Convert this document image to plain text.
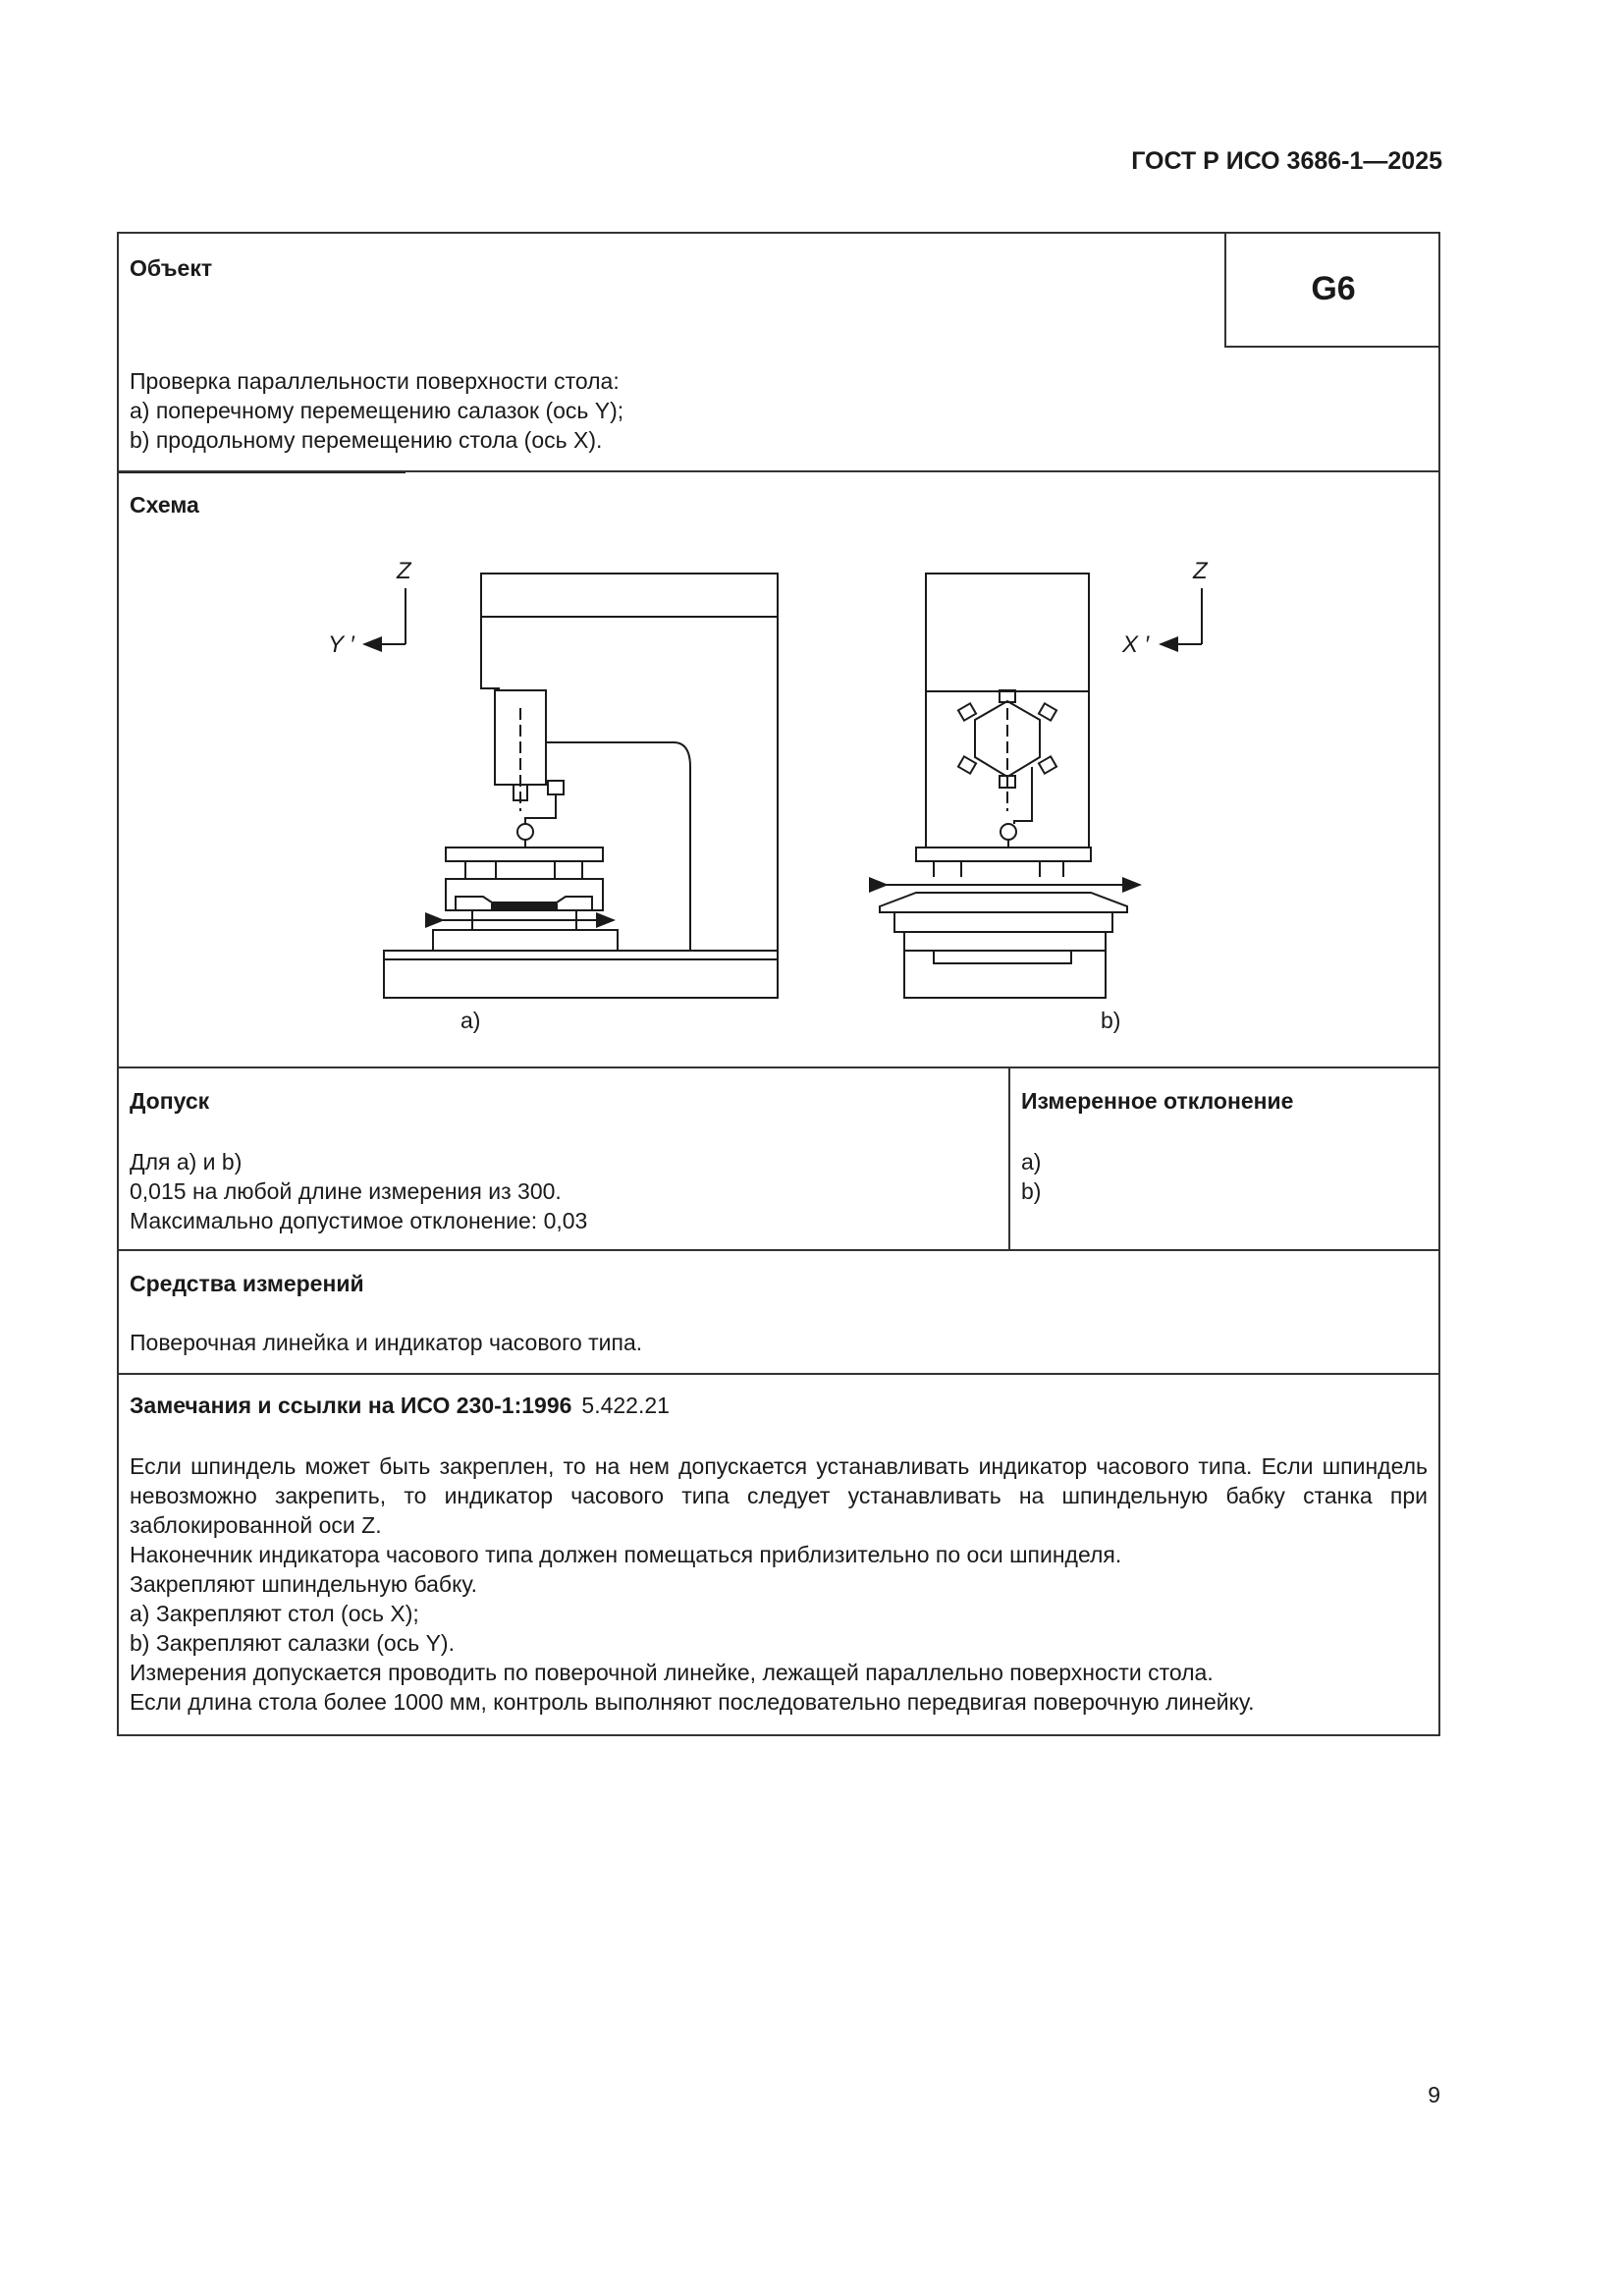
ГОСТ Р ИСО 3686-1—2025
Объект
G6
Проверка параллельности поверхности стола:
a) поперечному перемещению салазок (ось Y);
b) продольному перемещению стола (ось X).
Схема
Z
Y ′
Z
X ′
a)	b)
Допуск
Для a) и b)
0,015 на любой длине измерения из 300.
Максимально допустимое отклонение: 0,03
Измеренное отклонение
a)
b)
Средства измерений
Поверочная линейка и индикатор часового типа.
Замечания и ссылки на ИСО 230-1:1996 5.422.21
Если шпиндель может быть закреплен, то на нем допускается устанавливать индикатор часового типа. Если шпиндель невозможно закрепить, то индикатор часового типа следует устанавливать на шпиндельную бабку станка при заблокированной оси Z.
Наконечник индикатора часового типа должен помещаться приблизительно по оси шпинделя.
Закрепляют шпиндельную бабку.
a) Закрепляют стол (ось X);
b) Закрепляют салазки (ось Y).
Измерения допускается проводить по поверочной линейке, лежащей параллельно поверхности стола.
Если длина стола более 1000 мм, контроль выполняют последовательно передвигая поверочную линейку.
9
